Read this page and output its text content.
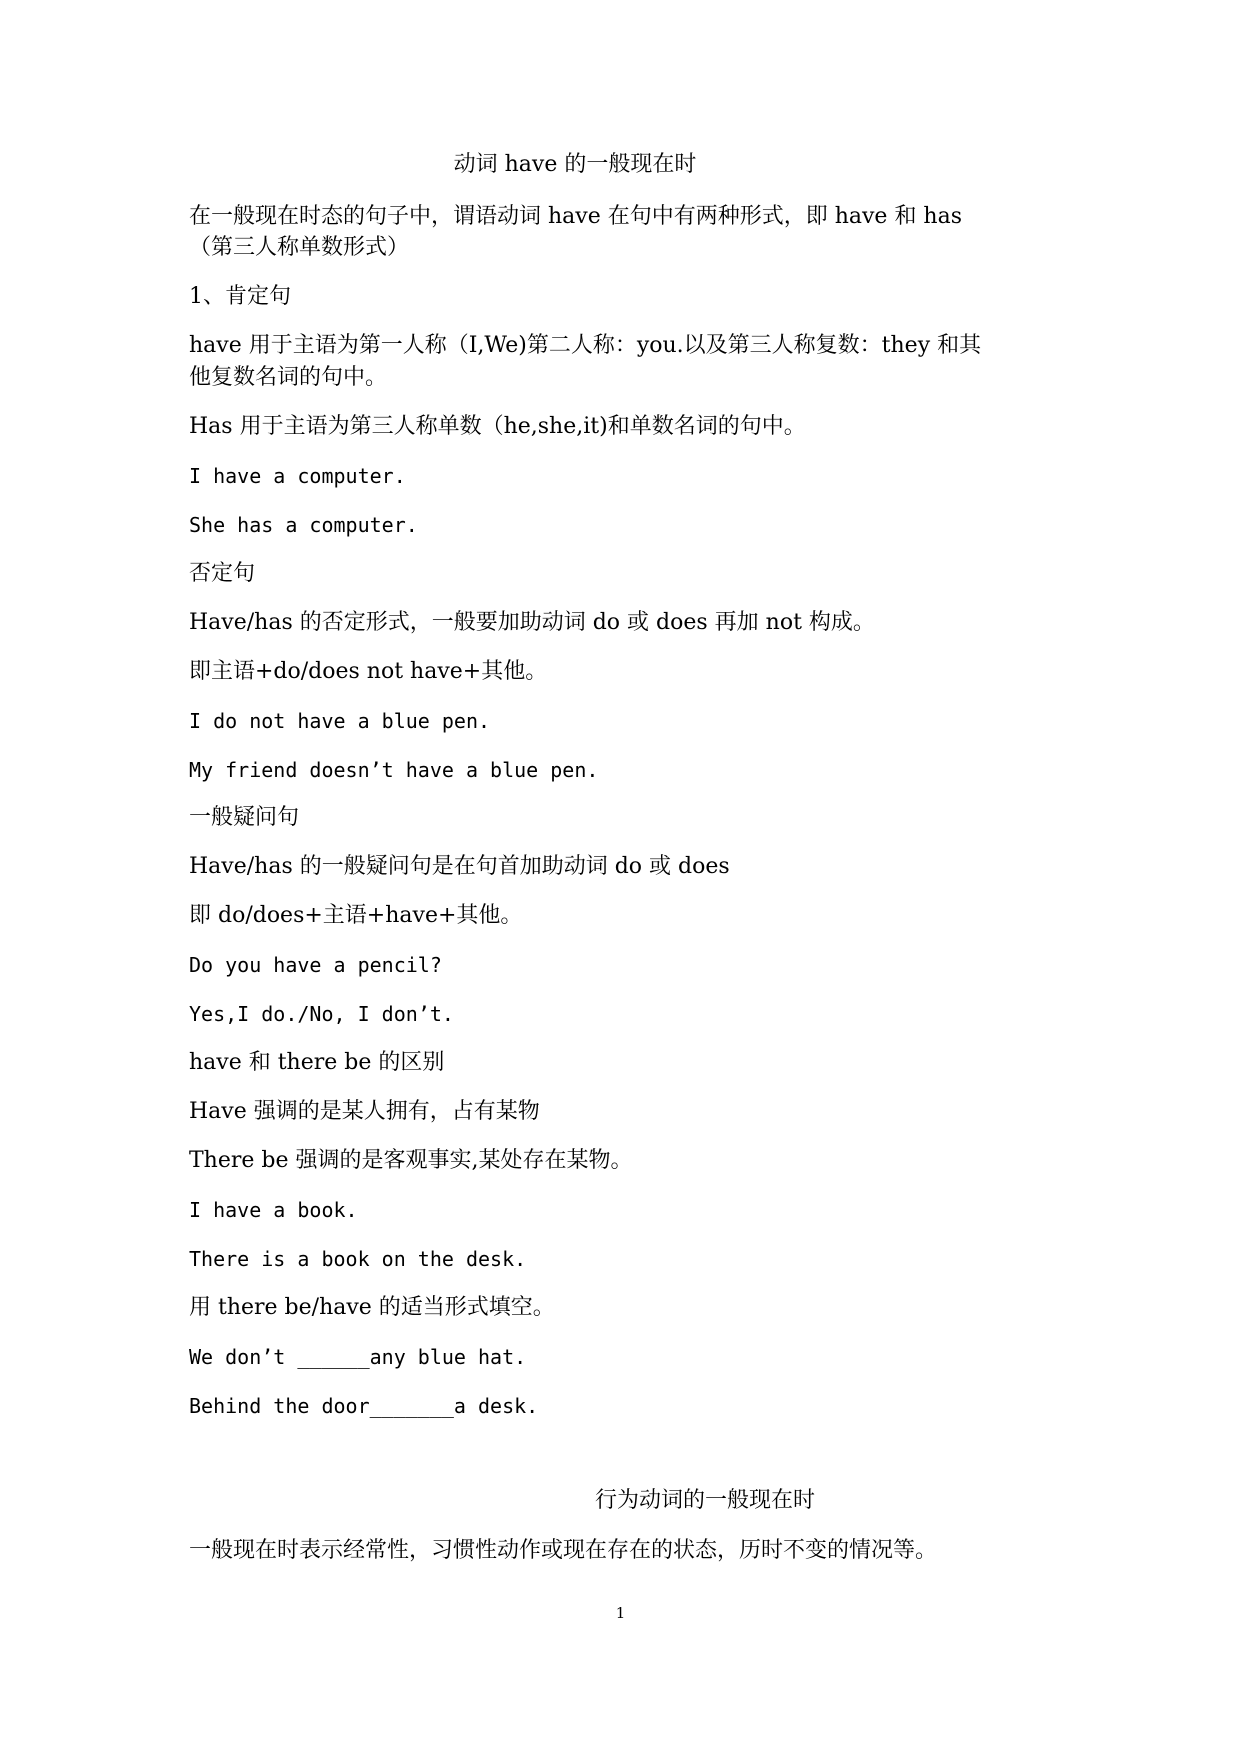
动词 have 的一般现在时
在一般现在时态的句子中，谓语动词 have 在句中有两种形式，即 have 和 has
（第三人称单数形式）
1、肯定句
have 用于主语为第一人称（I,We)第二人称：you.以及第三人称复数：they 和其
他复数名词的句中。
Has 用于主语为第三人称单数（he,she,it)和单数名词的句中。
I have a computer.
She has a computer.
否定句
Have/has 的否定形式，一般要加助动词 do 或 does 再加 not 构成。
即主语+do/does not have+其他。
I do not have a blue pen.
My friend doesn’t have a blue pen.
一般疑问句
Have/has 的一般疑问句是在句首加助动词 do 或 does
即 do/does+主语+have+其他。
Do you have a pencil?
Yes,I do./No, I don’t.
have 和 there be 的区别
Have 强调的是某人拥有，占有某物
There be 强调的是客观事实,某处存在某物。
I have a book.
There is a book on the desk.
用 there be/have 的适当形式填空。
We don’t ______any blue hat.
Behind the door_______a desk.
行为动词的一般现在时
一般现在时表示经常性，习惯性动作或现在存在的状态，历时不变的情况等。
1
